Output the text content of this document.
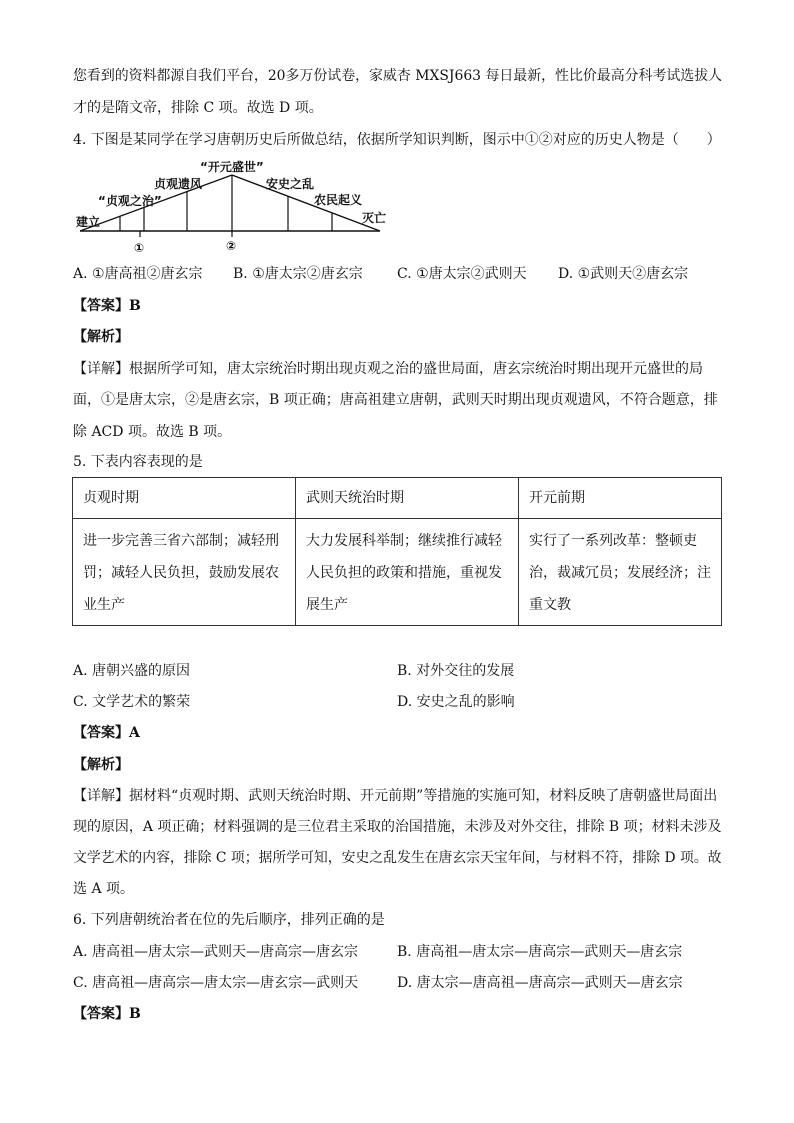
您看到的资料都源自我们平台，20多万份试卷，家威杏 MXSJ663 每日最新，性比价最高分科考试选拔人
才的是隋文帝，排除 C 项。故选 D 项。
4. 下图是某同学在学习唐朝历史后所做总结，依据所学知识判断，图示中①②对应的历史人物是（　　）
“开元盛世”
贞观遗风	安史之乱
“贞观之治”	农民起义
建立	灭亡
①	②
A. ①唐高祖②唐玄宗 B. ①唐太宗②唐玄宗 C. ①唐太宗②武则天 D. ①武则天②唐玄宗
【答案】B
【解析】
【详解】根据所学可知，唐太宗统治时期出现贞观之治的盛世局面，唐玄宗统治时期出现开元盛世的局
面，①是唐太宗，②是唐玄宗，B 项正确；唐高祖建立唐朝，武则天时期出现贞观遗风，不符合题意，排
除 ACD 项。故选 B 项。
5. 下表内容表现的是
贞观时期	武则天统治时期	开元前期
进一步完善三省六部制；减轻刑罚；减轻人民负担，鼓励发展农业生产	大力发展科举制；继续推行减轻人民负担的政策和措施，重视发展生产	实行了一系列改革：整顿吏治，裁减冗员；发展经济；注重文教
A. 唐朝兴盛的原因	B. 对外交往的发展
C. 文学艺术的繁荣	D. 安史之乱的影响
【答案】A
【解析】
【详解】据材料“贞观时期、武则天统治时期、开元前期”等措施的实施可知，材料反映了唐朝盛世局面出
现的原因，A 项正确；材料强调的是三位君主采取的治国措施，未涉及对外交往，排除 B 项；材料未涉及
文学艺术的内容，排除 C 项；据所学可知，安史之乱发生在唐玄宗天宝年间，与材料不符，排除 D 项。故
选 A 项。
6. 下列唐朝统治者在位的先后顺序，排列正确的是
A. 唐高祖—唐太宗—武则天—唐高宗—唐玄宗	B. 唐高祖—唐太宗—唐高宗—武则天—唐玄宗
C. 唐高祖—唐高宗—唐太宗—唐玄宗—武则天	D. 唐太宗—唐高祖—唐高宗—武则天—唐玄宗
【答案】B
